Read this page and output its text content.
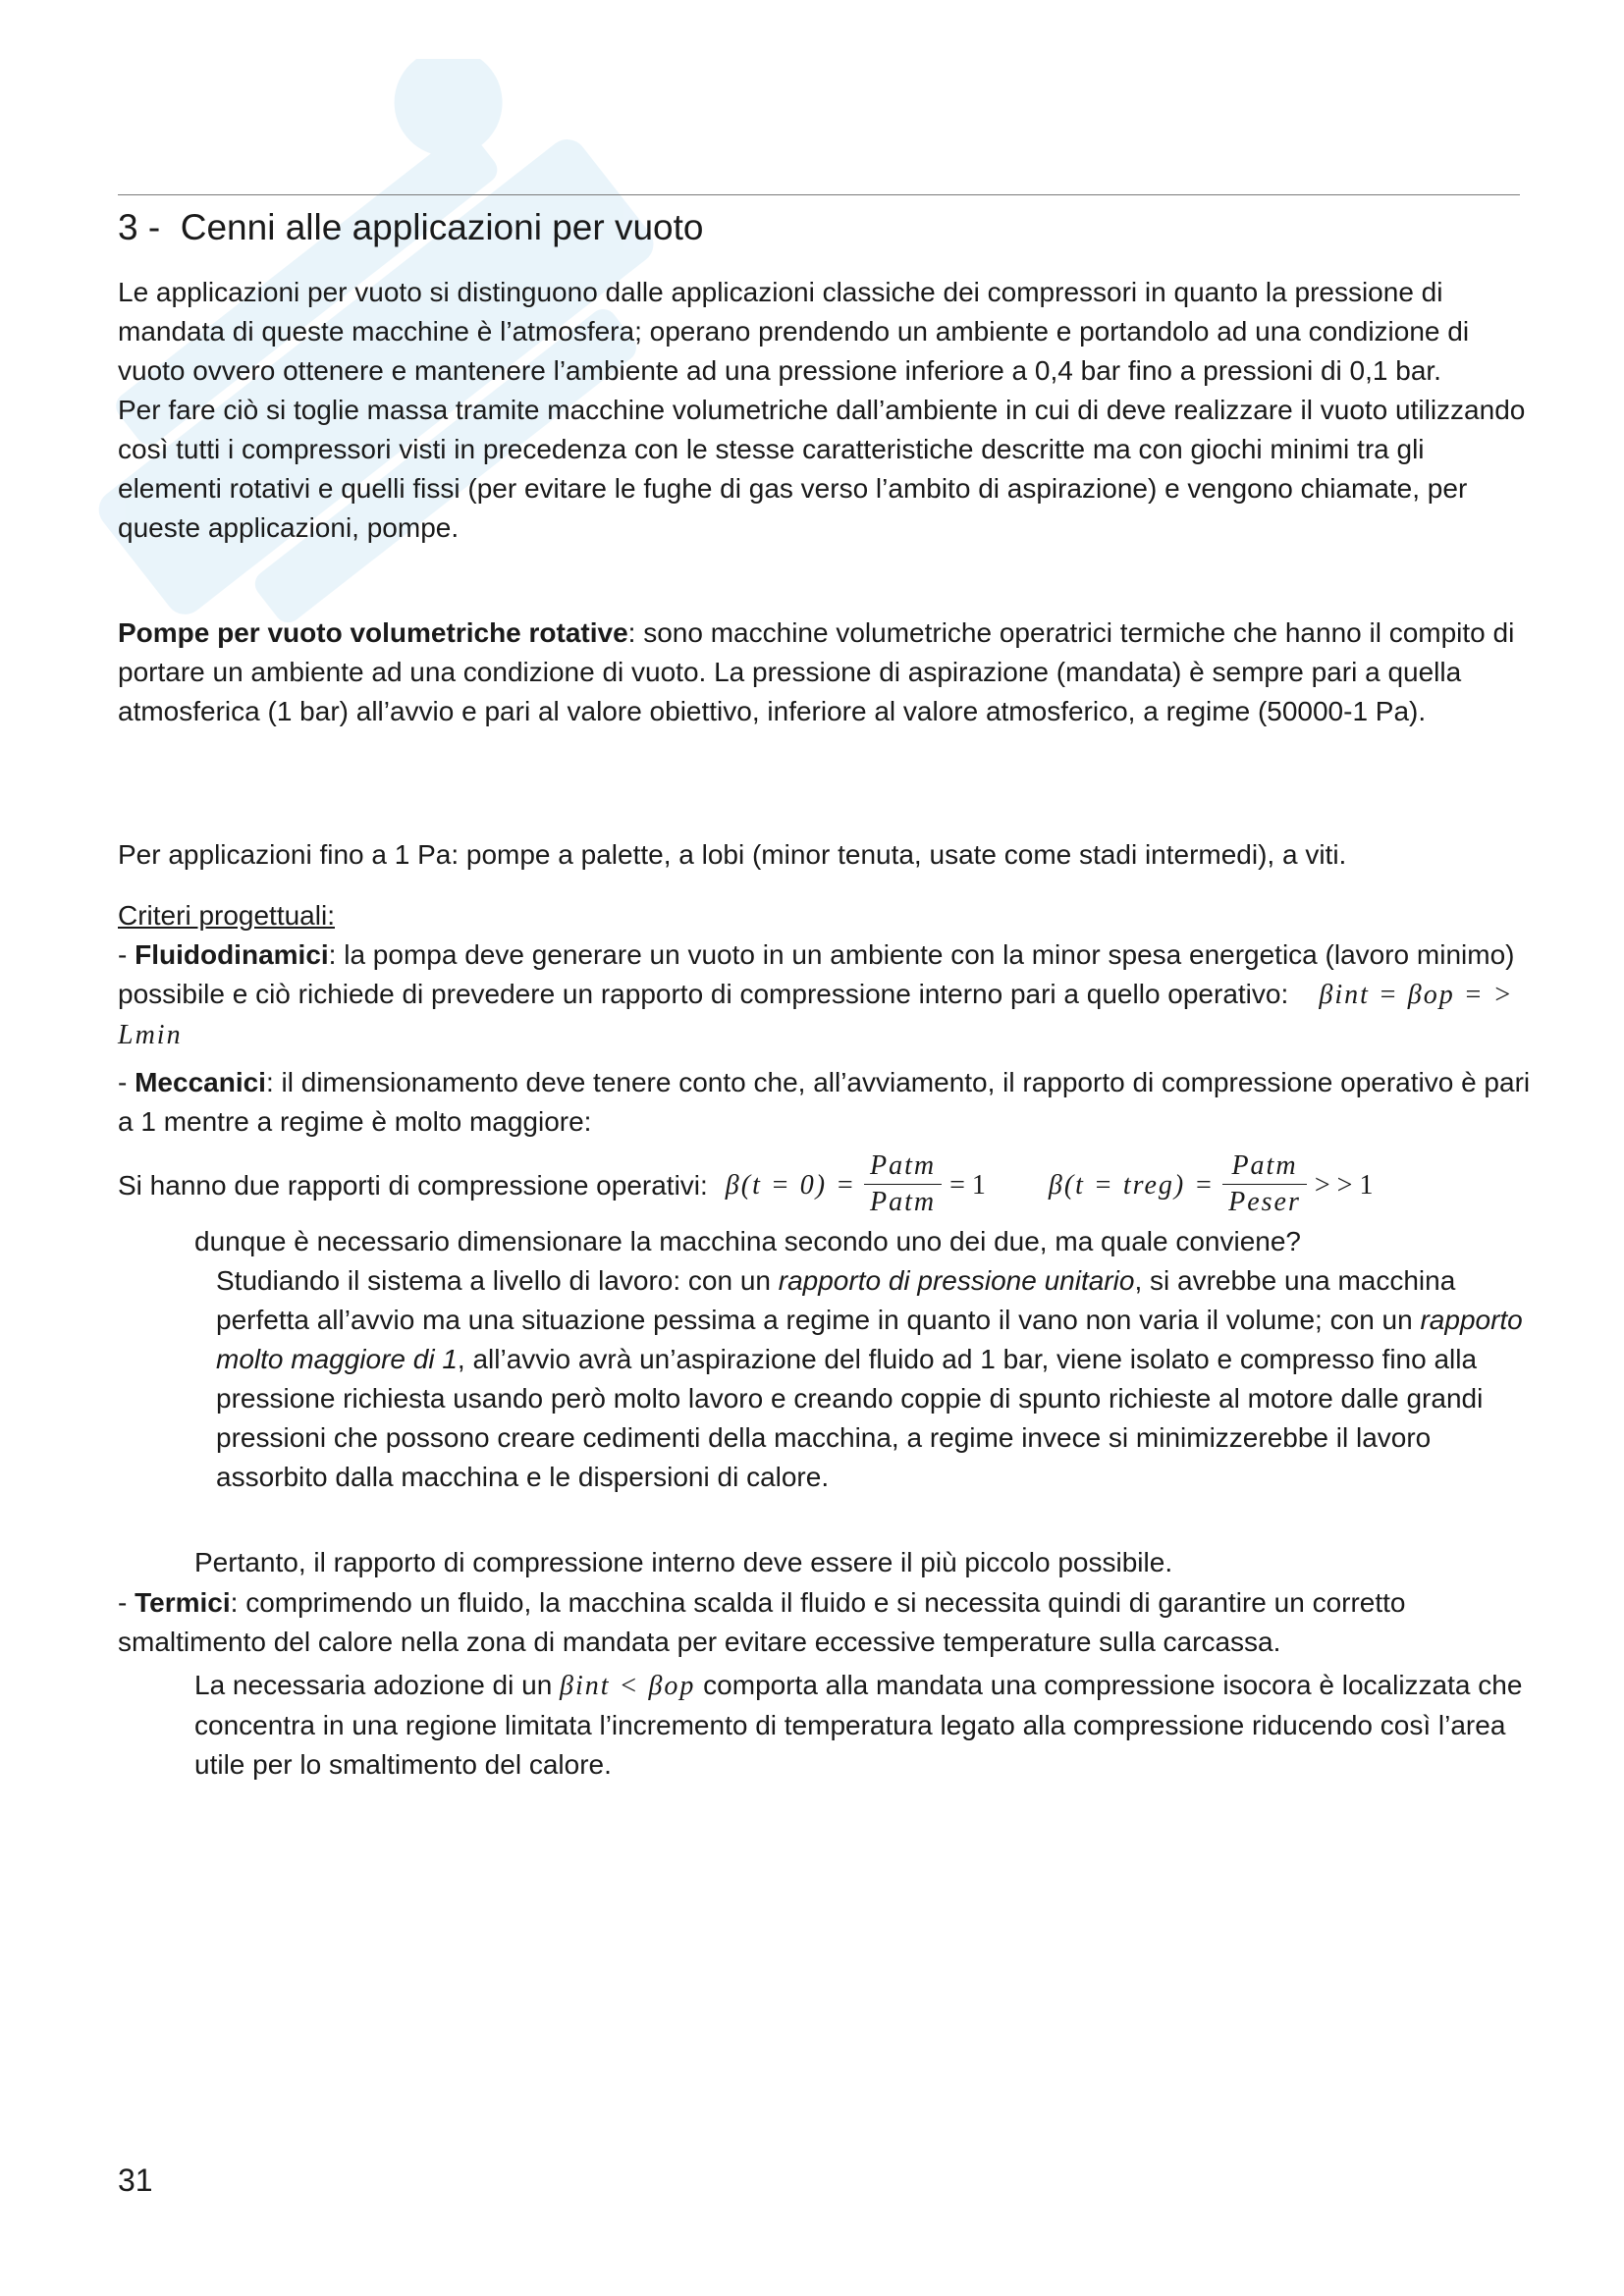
3 - Cenni alle applicazioni per vuoto

Le applicazioni per vuoto si distinguono dalle applicazioni classiche dei compressori in quanto la pressione di mandata di queste macchine è l’atmosfera; operano prendendo un ambiente e portandolo ad una condizione di vuoto ovvero ottenere e mantenere l’ambiente ad una pressione inferiore a 0,4 bar fino a pressioni di 0,1 bar.
Per fare ciò si toglie massa tramite macchine volumetriche dall’ambiente in cui di deve realizzare il vuoto utilizzando così tutti i compressori visti in precedenza con le stesse caratteristiche descritte ma con giochi minimi tra gli elementi rotativi e quelli fissi (per evitare le fughe di gas verso l’ambito di aspirazione) e vengono chiamate, per queste applicazioni, pompe.

Pompe per vuoto volumetriche rotative: sono macchine volumetriche operatrici termiche che hanno il compito di portare un ambiente ad una condizione di vuoto. La pressione di aspirazione (mandata) è sempre pari a quella atmosferica (1 bar) all’avvio e pari al valore obiettivo, inferiore al valore atmosferico, a regime (50000-1 Pa).

Per applicazioni fino a 1 Pa: pompe a palette, a lobi (minor tenuta, usate come stadi intermedi), a viti.

Criteri progettuali:
- Fluidodinamici: la pompa deve generare un vuoto in un ambiente con la minor spesa energetica (lavoro minimo) possibile e ciò richiede di prevedere un rapporto di compressione interno pari a quello operativo: βint = βop = > Lmin

- Meccanici: il dimensionamento deve tenere conto che, all’avviamento, il rapporto di compressione operativo è pari a 1 mentre a regime è molto maggiore:

Si hanno due rapporti di compressione operativi: $\beta(t = 0) = \frac{\text{Patm}}{\text{Patm}} = 1$ β(t = treg) = $\frac{\text{Patm}}{\text{Peser}}$ > > 1

dunque è necessario dimensionare la macchina secondo uno dei due, ma quale conviene?

Studiando il sistema a livello di lavoro: con un rapporto di pressione unitario, si avrebbe una macchina perfetta all’avvio ma una situazione pessima a regime in quanto il vano non varia il volume; con un rapporto molto maggiore di 1, all’avvio avrà un’aspirazione del fluido ad 1 bar, viene isolato e compresso fino alla pressione richiesta usando però molto lavoro e creando coppie di spunto richieste al motore dalle grandi pressioni che possono creare cedimenti della macchina, a regime invece si minimizzerebbe il lavoro assorbito dalla macchina e le dispersioni di calore.

Pertanto, il rapporto di compressione interno deve essere il più piccolo possibile.

- Termici: comprimendo un fluido, la macchina scalda il fluido e si necessita quindi di garantire un corretto smaltimento del calore nella zona di mandata per evitare eccessive temperature sulla carcassa.

La necessaria adozione di un βint < βop comporta alla mandata una compressione isocora è localizzata che concentra in una regione limitata l’incremento di temperatura legato alla compressione riducendo così l’area utile per lo smaltimento del calore.

31
